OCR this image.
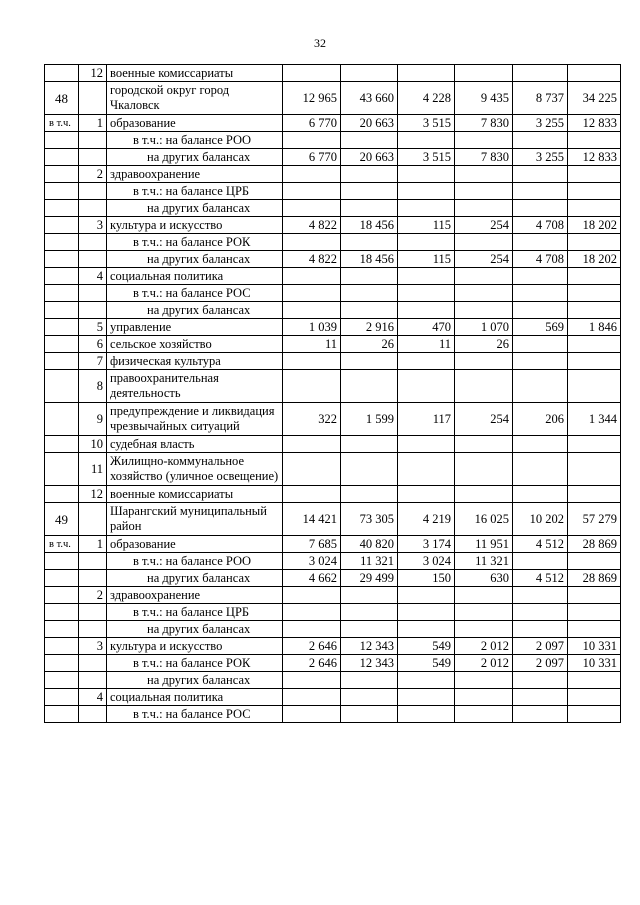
32
	12	военные комиссариаты						
48		городской округ город Чкаловск	12 965	43 660	4 228	9 435	8 737	34 225
в т.ч.	1	образование	6 770	20 663	3 515	7 830	3 255	12 833
		в т.ч.: на балансе РОО						
		на других балансах	6 770	20 663	3 515	7 830	3 255	12 833
	2	здравоохранение						
		в т.ч.: на балансе ЦРБ						
		на других балансах						
	3	культура и искусство	4 822	18 456	115	254	4 708	18 202
		в т.ч.: на балансе РОК						
		на других балансах	4 822	18 456	115	254	4 708	18 202
	4	социальная политика						
		в т.ч.: на балансе РОС						
		на других балансах						
	5	управление	1 039	2 916	470	1 070	569	1 846
	6	сельское хозяйство	11	26	11	26		
	7	физическая культура						
	8	правоохранительная деятельность						
	9	предупреждение и ликвидация чрезвычайных ситуаций	322	1 599	117	254	206	1 344
	10	судебная власть						
	11	Жилищно-коммунальное хозяйство (уличное освещение)						
	12	военные комиссариаты						
49		Шарангский муниципальный район	14 421	73 305	4 219	16 025	10 202	57 279
в т.ч.	1	образование	7 685	40 820	3 174	11 951	4 512	28 869
		в т.ч.: на балансе РОО	3 024	11 321	3 024	11 321		
		на других балансах	4 662	29 499	150	630	4 512	28 869
	2	здравоохранение						
		в т.ч.: на балансе ЦРБ						
		на других балансах						
	3	культура и искусство	2 646	12 343	549	2 012	2 097	10 331
		в т.ч.: на балансе РОК	2 646	12 343	549	2 012	2 097	10 331
		на других балансах						
	4	социальная политика						
		в т.ч.: на балансе РОС						
